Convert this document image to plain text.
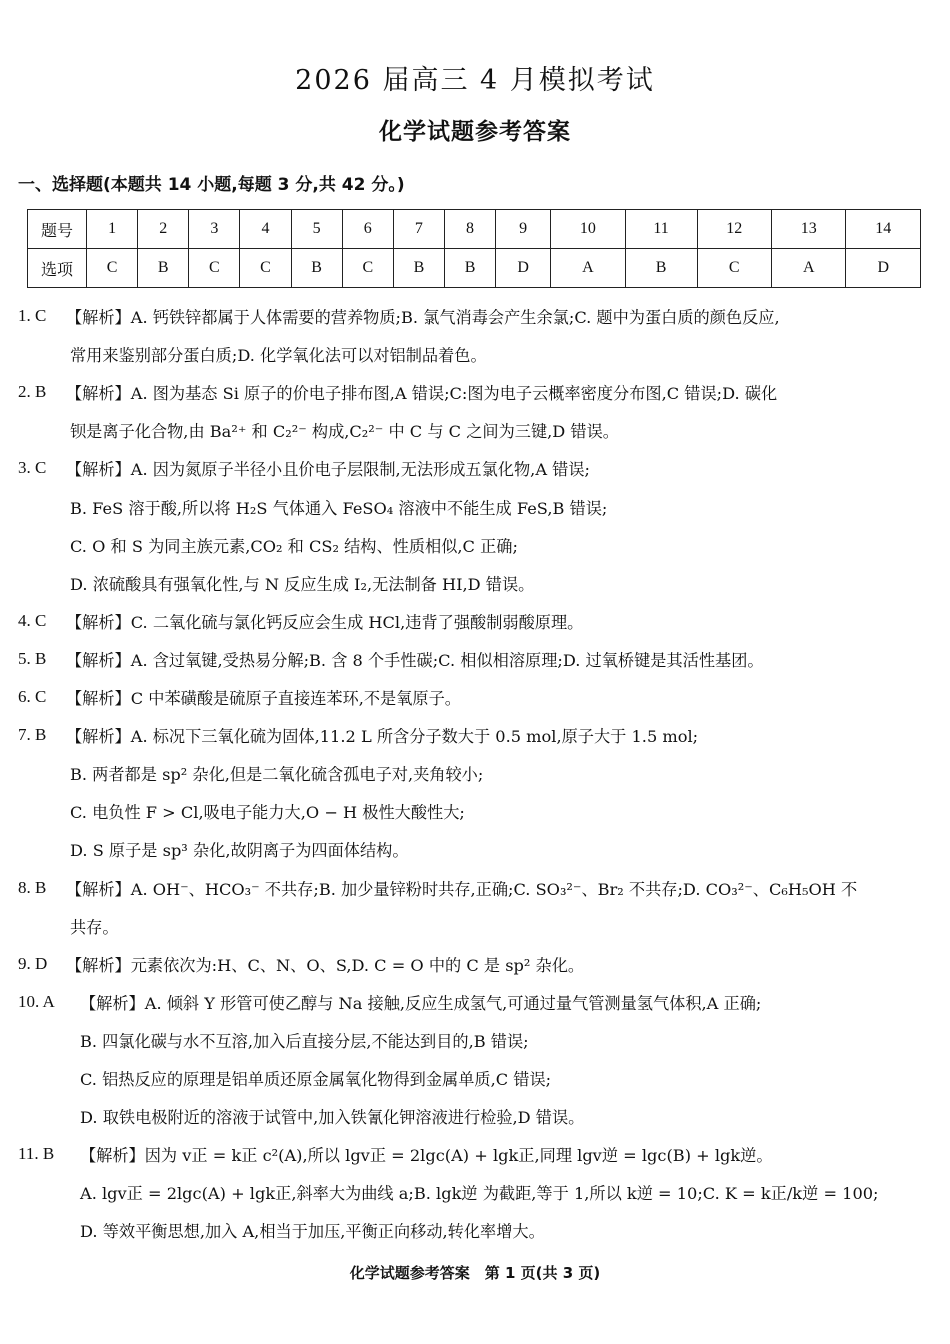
2026 届高三 4 月模拟考试
化学试题参考答案
一、选择题(本题共 14 小题,每题 3 分,共 42 分。)
题号	1	2	3	4	5	6	7	8	9	10	11	12	13	14
选项	C	B	C	C	B	C	B	B	D	A	B	C	A	D
1. C 【解析】A. 钙铁锌都属于人体需要的营养物质;B. 氯气消毒会产生余氯;C. 题中为蛋白质的颜色反应,
常用来鉴别部分蛋白质;D. 化学氧化法可以对铝制品着色。
2. B 【解析】A. 图为基态 Si 原子的价电子排布图,A 错误;C:图为电子云概率密度分布图,C 错误;D. 碳化
钡是离子化合物,由 Ba²⁺ 和 C₂²⁻ 构成,C₂²⁻ 中 C 与 C 之间为三键,D 错误。
3. C 【解析】A. 因为氮原子半径小且价电子层限制,无法形成五氯化物,A 错误;
B. FeS 溶于酸,所以将 H₂S 气体通入 FeSO₄ 溶液中不能生成 FeS,B 错误;
C. O 和 S 为同主族元素,CO₂ 和 CS₂ 结构、性质相似,C 正确;
D. 浓硫酸具有强氧化性,与 N 反应生成 I₂,无法制备 HI,D 错误。
4. C 【解析】C. 二氧化硫与氯化钙反应会生成 HCl,违背了强酸制弱酸原理。
5. B 【解析】A. 含过氧键,受热易分解;B. 含 8 个手性碳;C. 相似相溶原理;D. 过氧桥键是其活性基团。
6. C 【解析】C 中苯磺酸是硫原子直接连苯环,不是氧原子。
7. B 【解析】A. 标况下三氧化硫为固体,11.2 L 所含分子数大于 0.5 mol,原子大于 1.5 mol;
B. 两者都是 sp² 杂化,但是二氧化硫含孤电子对,夹角较小;
C. 电负性 F > Cl,吸电子能力大,O − H 极性大酸性大;
D. S 原子是 sp³ 杂化,故阴离子为四面体结构。
8. B 【解析】A. OH⁻、HCO₃⁻ 不共存;B. 加少量锌粉时共存,正确;C. SO₃²⁻、Br₂ 不共存;D. CO₃²⁻、C₆H₅OH 不
共存。
9. D 【解析】元素依次为:H、C、N、O、S,D. C = O 中的 C 是 sp² 杂化。
10. A 【解析】A. 倾斜 Y 形管可使乙醇与 Na 接触,反应生成氢气,可通过量气管测量氢气体积,A 正确;
B. 四氯化碳与水不互溶,加入后直接分层,不能达到目的,B 错误;
C. 铝热反应的原理是铝单质还原金属氧化物得到金属单质,C 错误;
D. 取铁电极附近的溶液于试管中,加入铁氰化钾溶液进行检验,D 错误。
11. B 【解析】因为 v正 = k正 c²(A),所以 lgv正 = 2lgc(A) + lgk正,同理 lgv逆 = lgc(B) + lgk逆。
A. lgv正 = 2lgc(A) + lgk正,斜率大为曲线 a;B. lgk逆 为截距,等于 1,所以 k逆 = 10;C. K = k正/k逆 = 100;
D. 等效平衡思想,加入 A,相当于加压,平衡正向移动,转化率增大。
化学试题参考答案　第 1 页(共 3 页)
